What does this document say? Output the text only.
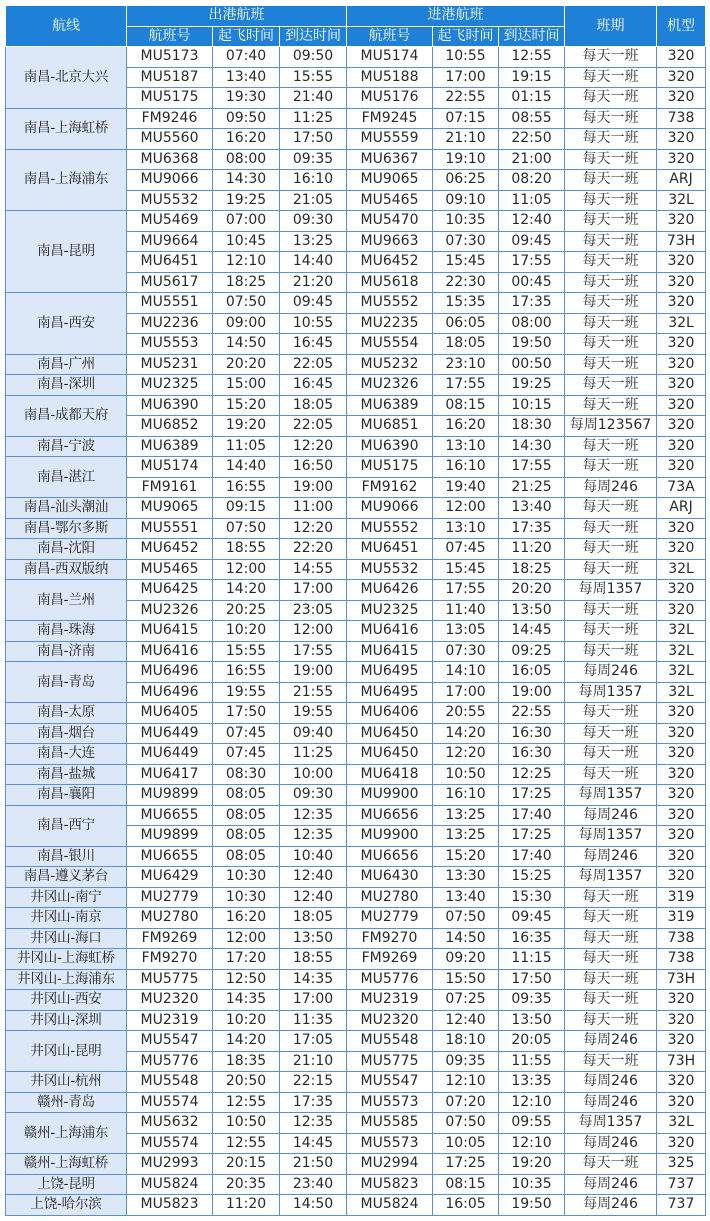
航线	出港航班			进港航班			班期	机型
	航班号	起飞时间	到达时间	航班号	起飞时间	到达时间		
南昌-北京大兴	MU5173	07:40	09:50	MU5174	10:55	12:55	每天一班	320
	MU5187	13:40	15:55	MU5188	17:00	19:15	每天一班	320
	MU5175	19:30	21:40	MU5176	22:55	01:15	每天一班	320
南昌-上海虹桥	FM9246	09:50	11:25	FM9245	07:15	08:55	每天一班	738
	MU5560	16:20	17:50	MU5559	21:10	22:50	每天一班	320
南昌-上海浦东	MU6368	08:00	09:35	MU6367	19:10	21:00	每天一班	320
	MU9066	14:30	16:10	MU9065	06:25	08:20	每天一班	ARJ
	MU5532	19:25	21:05	MU5465	09:10	11:05	每天一班	32L
南昌-昆明	MU5469	07:00	09:30	MU5470	10:35	12:40	每天一班	320
	MU9664	10:45	13:25	MU9663	07:30	09:45	每天一班	73H
	MU6451	12:10	14:40	MU6452	15:45	17:55	每天一班	320
	MU5617	18:25	21:20	MU5618	22:30	00:45	每天一班	320
南昌-西安	MU5551	07:50	09:45	MU5552	15:35	17:35	每天一班	320
	MU2236	09:00	10:55	MU2235	06:05	08:00	每天一班	32L
	MU5553	14:50	16:45	MU5554	18:05	19:50	每天一班	320
南昌-广州	MU5231	20:20	22:05	MU5232	23:10	00:50	每天一班	320
南昌-深圳	MU2325	15:00	16:45	MU2326	17:55	19:25	每天一班	320
南昌-成都天府	MU6390	15:20	18:05	MU6389	08:15	10:15	每天一班	320
	MU6852	19:20	22:05	MU6851	16:20	18:30	每周123567	320
南昌-宁波	MU6389	11:05	12:20	MU6390	13:10	14:30	每天一班	320
南昌-湛江	MU5174	14:40	16:50	MU5175	16:10	17:55	每天一班	320
	FM9161	16:55	19:00	FM9162	19:40	21:25	每周246	73A
南昌-汕头潮汕	MU9065	09:15	11:00	MU9066	12:00	13:40	每天一班	ARJ
南昌-鄂尔多斯	MU5551	07:50	12:20	MU5552	13:10	17:35	每天一班	320
南昌-沈阳	MU6452	18:55	22:20	MU6451	07:45	11:20	每天一班	320
南昌-西双版纳	MU5465	12:00	14:55	MU5532	15:45	18:25	每天一班	32L
南昌-兰州	MU6425	14:20	17:00	MU6426	17:55	20:20	每周1357	320
	MU2326	20:25	23:05	MU2325	11:40	13:50	每天一班	320
南昌-珠海	MU6415	10:20	12:00	MU6416	13:05	14:45	每天一班	32L
南昌-济南	MU6416	15:55	17:55	MU6415	07:30	09:25	每天一班	32L
南昌-青岛	MU6496	16:55	19:00	MU6495	14:10	16:05	每周246	32L
	MU6496	19:55	21:55	MU6495	17:00	19:00	每周1357	32L
南昌-太原	MU6405	17:50	19:55	MU6406	20:55	22:55	每天一班	320
南昌-烟台	MU6449	07:45	09:40	MU6450	14:20	16:30	每天一班	320
南昌-大连	MU6449	07:45	11:25	MU6450	12:20	16:30	每天一班	320
南昌-盐城	MU6417	08:30	10:00	MU6418	10:50	12:25	每天一班	320
南昌-襄阳	MU9899	08:05	09:30	MU9900	16:10	17:25	每周1357	320
南昌-西宁	MU6655	08:05	12:35	MU6656	13:25	17:40	每周246	320
	MU9899	08:05	12:35	MU9900	13:25	17:25	每周1357	320
南昌-银川	MU6655	08:05	10:40	MU6656	15:20	17:40	每周246	320
南昌-遵义茅台	MU6429	10:30	12:40	MU6430	13:30	15:25	每周1357	320
井冈山-南宁	MU2779	10:30	12:40	MU2780	13:40	15:30	每天一班	319
井冈山-南京	MU2780	16:20	18:05	MU2779	07:50	09:45	每天一班	319
井冈山-海口	FM9269	12:00	13:50	FM9270	14:50	16:35	每天一班	738
井冈山-上海虹桥	FM9270	17:20	18:55	FM9269	09:20	11:15	每天一班	738
井冈山-上海浦东	MU5775	12:50	14:35	MU5776	15:50	17:50	每天一班	73H
井冈山-西安	MU2320	14:35	17:00	MU2319	07:25	09:35	每天一班	320
井冈山-深圳	MU2319	10:20	11:35	MU2320	12:40	13:50	每天一班	320
井冈山-昆明	MU5547	14:20	17:05	MU5548	18:10	20:05	每周246	320
	MU5776	18:35	21:10	MU5775	09:35	11:55	每天一班	73H
井冈山-杭州	MU5548	20:50	22:15	MU5547	12:10	13:35	每周246	320
赣州-青岛	MU5574	12:55	17:35	MU5573	07:20	12:10	每周246	320
赣州-上海浦东	MU5632	10:50	12:35	MU5585	07:50	09:55	每周1357	32L
	MU5574	12:55	14:45	MU5573	10:05	12:10	每周246	320
赣州-上海虹桥	MU2993	20:15	21:50	MU2994	17:25	19:20	每天一班	325
上饶-昆明	MU5824	20:35	23:40	MU5823	08:15	10:35	每周246	737
上饶-哈尔滨	MU5823	11:20	14:50	MU5824	16:05	19:50	每周246	737
